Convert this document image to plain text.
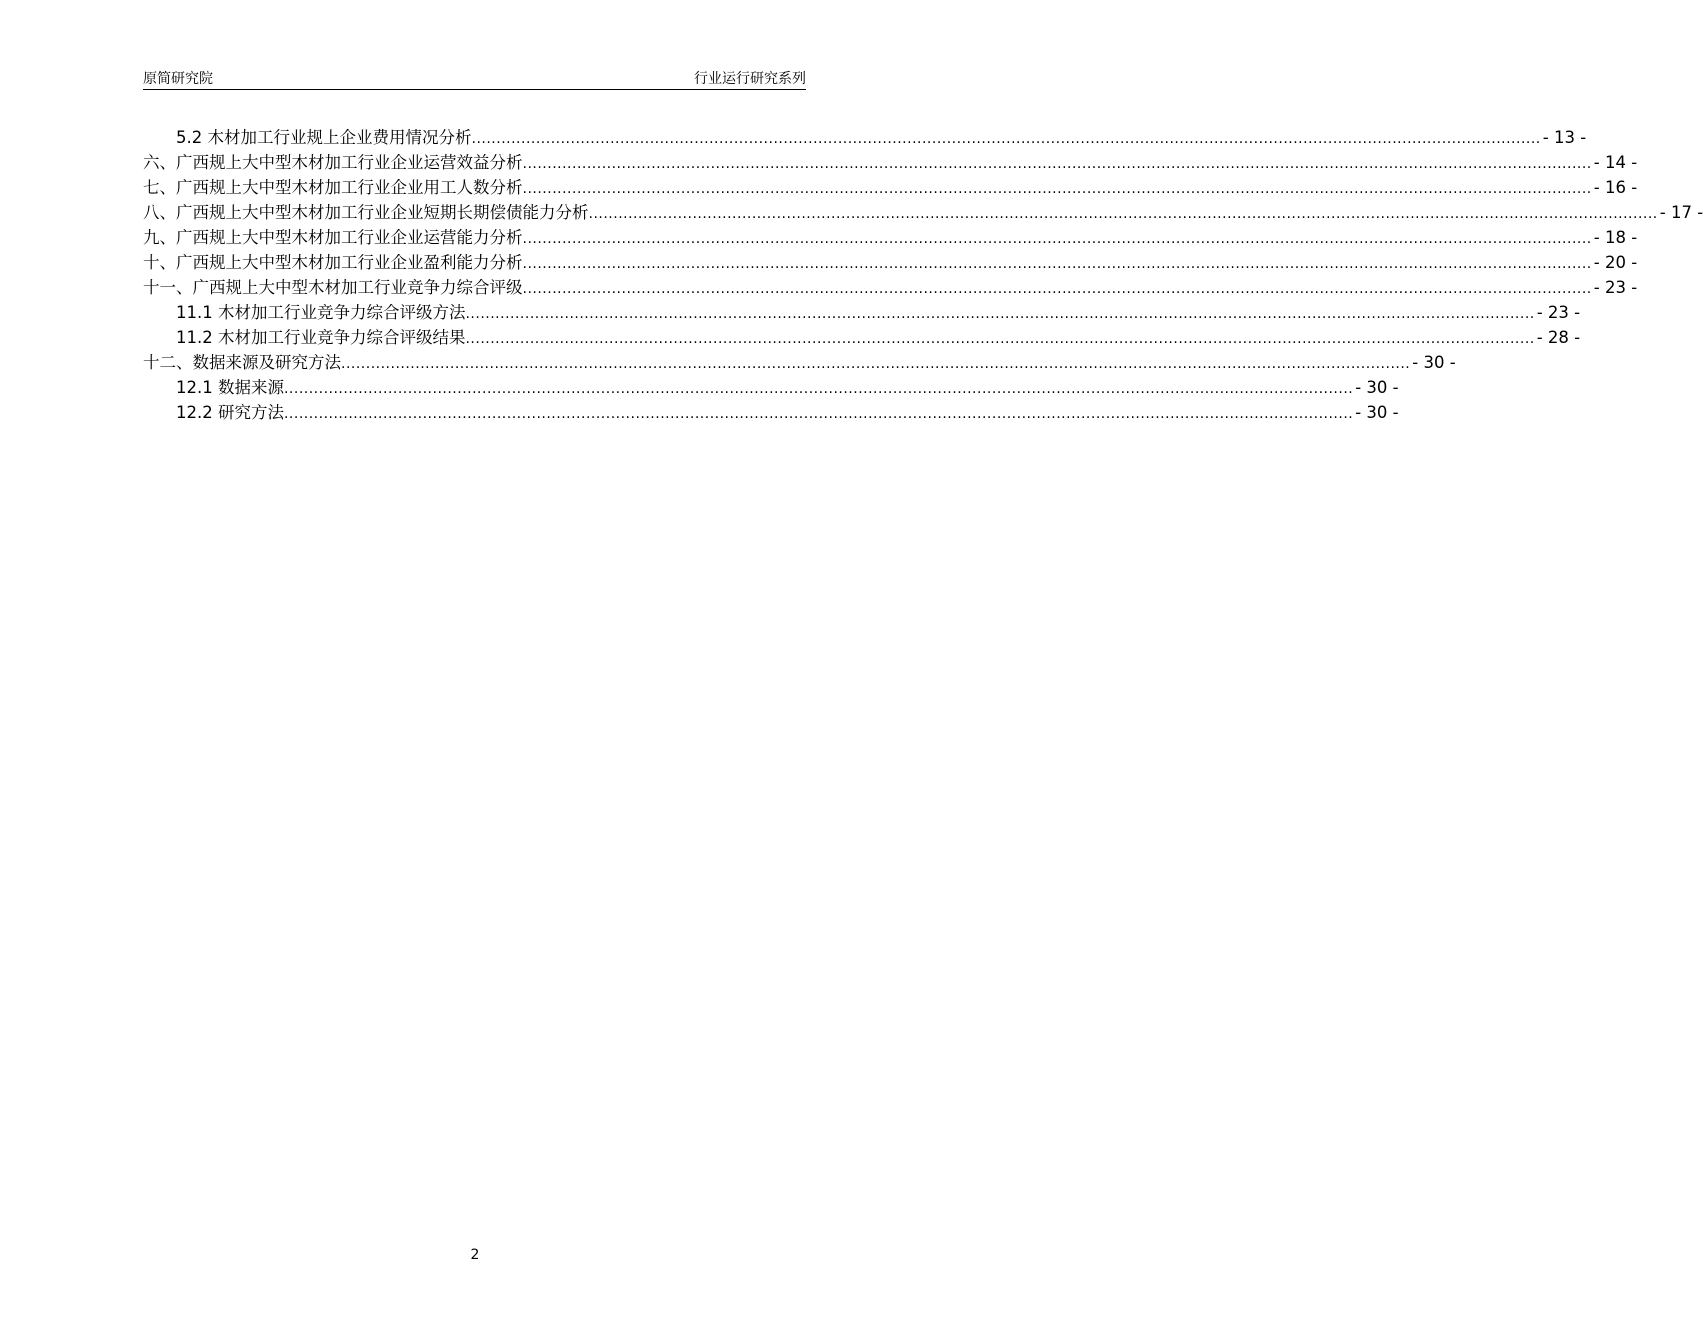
原简研究院	行业运行研究系列
5.2 木材加工行业规上企业费用情况分析 ........................................................................................................................................................................................................................ - 13 -
六、广西规上大中型木材加工行业企业运营效益分析 ........................................................................................................................................................................................................................ - 14 -
七、广西规上大中型木材加工行业企业用工人数分析 ........................................................................................................................................................................................................................ - 16 -
八、广西规上大中型木材加工行业企业短期长期偿债能力分析 ........................................................................................................................................................................................................................ - 17 -
九、广西规上大中型木材加工行业企业运营能力分析 ........................................................................................................................................................................................................................ - 18 -
十、广西规上大中型木材加工行业企业盈利能力分析 ........................................................................................................................................................................................................................ - 20 -
十一、广西规上大中型木材加工行业竞争力综合评级 ........................................................................................................................................................................................................................ - 23 -
11.1 木材加工行业竞争力综合评级方法 ........................................................................................................................................................................................................................ - 23 -
11.2 木材加工行业竞争力综合评级结果 ........................................................................................................................................................................................................................ - 28 -
十二、数据来源及研究方法 ........................................................................................................................................................................................................................ - 30 -
12.1 数据来源 ........................................................................................................................................................................................................................ - 30 -
12.2 研究方法 ........................................................................................................................................................................................................................ - 30 -
2
